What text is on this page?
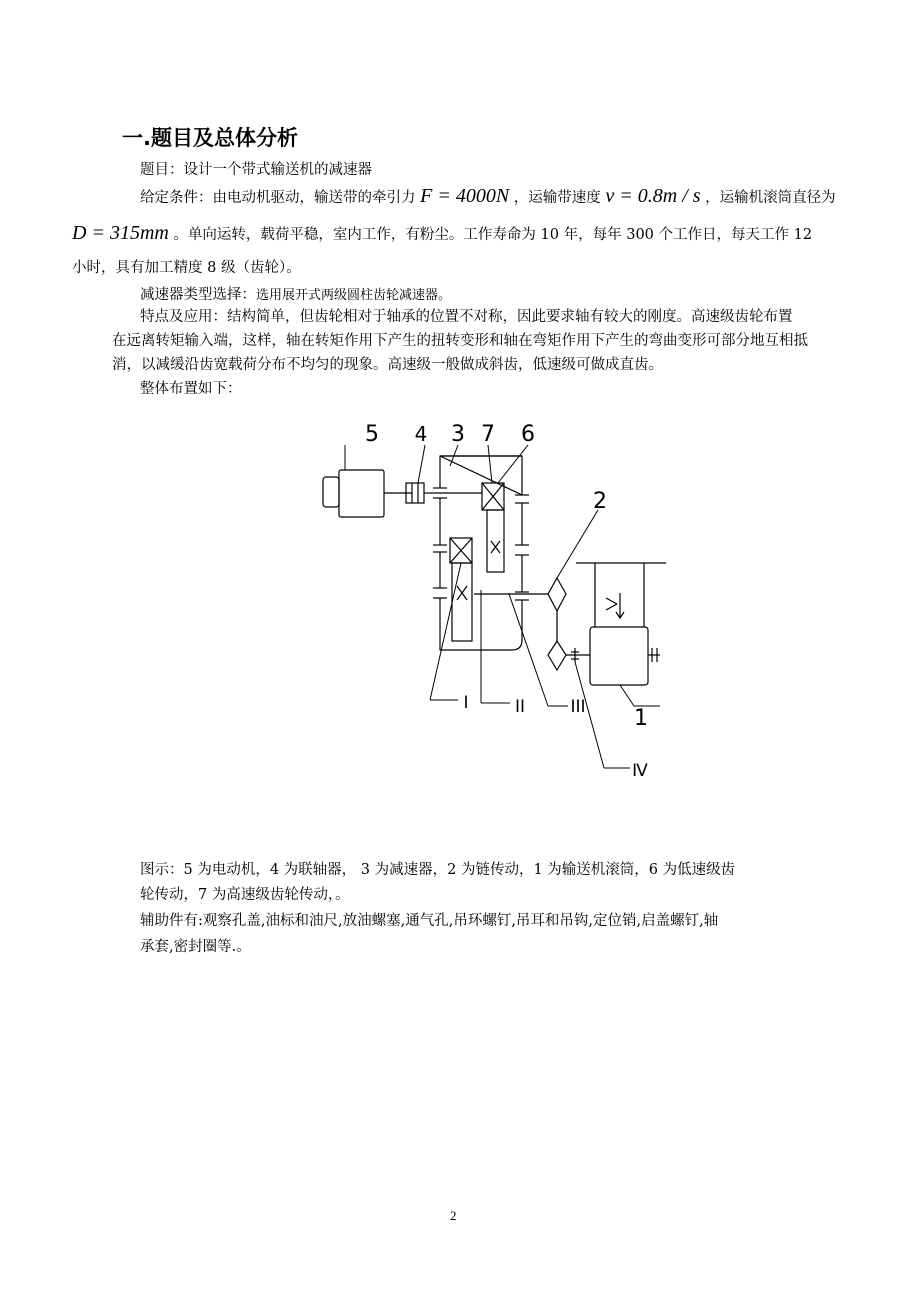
一.题目及总体分析
题目：设计一个带式输送机的减速器
给定条件：由电动机驱动，输送带的牵引力 F = 4000N ，运输带速度 v = 0.8m / s ，运输机滚筒直径为
D = 315mm 。单向运转，载荷平稳，室内工作，有粉尘。工作寿命为 10 年，每年 300 个工作日，每天工作 12
小时，具有加工精度 8 级（齿轮）。
减速器类型选择：选用展开式两级圆柱齿轮减速器。
特点及应用：结构简单，但齿轮相对于轴承的位置不对称，因此要求轴有较大的刚度。高速级齿轮布置
在远离转矩输入端，这样，轴在转矩作用下产生的扭转变形和轴在弯矩作用下产生的弯曲变形可部分地互相抵
消，以减缓沿齿宽载荷分布不均匀的现象。高速级一般做成斜齿，低速级可做成直齿。
整体布置如下：
5 4 3 7 6
2
1
I	II	III
Ⅳ
图示：5 为电动机，4 为联轴器， 3 为减速器，2 为链传动，1 为输送机滚筒，6 为低速级齿
轮传动，7 为高速级齿轮传动，。
辅助件有:观察孔盖,油标和油尺,放油螺塞,通气孔,吊环螺钉,吊耳和吊钩,定位销,启盖螺钉,轴
承套,密封圈等.。
2
